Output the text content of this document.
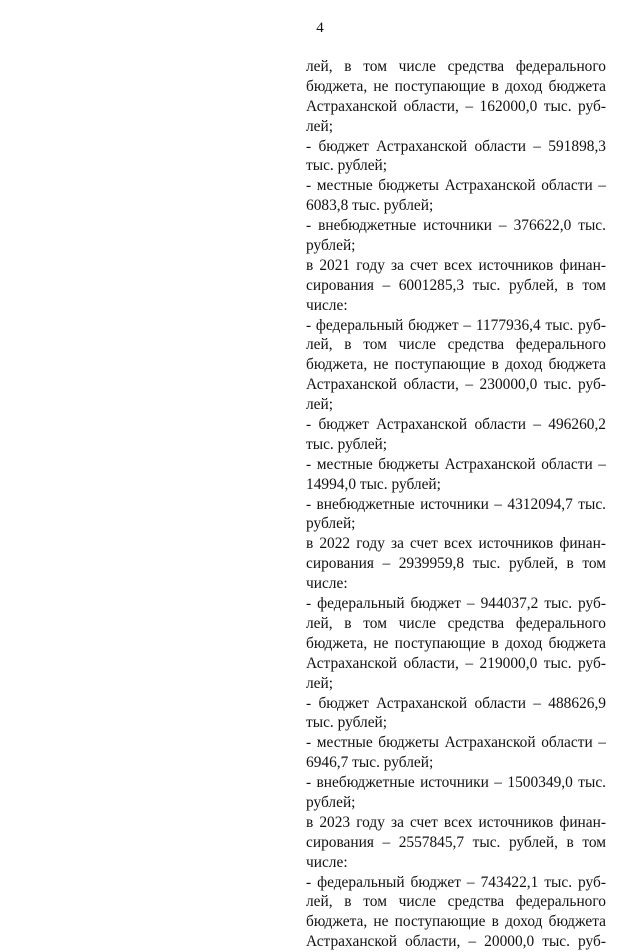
4
лей, в том числе средства федерального
бюджета, не поступающие в доход бюджета
Астраханской области, – 162000,0 тыс. руб-
лей;
- бюджет Астраханской области – 591898,3
тыс. рублей;
- местные бюджеты Астраханской области –
6083,8 тыс. рублей;
- внебюджетные источники – 376622,0 тыс.
рублей;
в 2021 году за счет всех источников финан-
сирования – 6001285,3 тыс. рублей, в том
числе:
- федеральный бюджет – 1177936,4 тыс. руб-
лей, в том числе средства федерального
бюджета, не поступающие в доход бюджета
Астраханской области, – 230000,0 тыс. руб-
лей;
- бюджет Астраханской области – 496260,2
тыс. рублей;
- местные бюджеты Астраханской области –
14994,0 тыс. рублей;
- внебюджетные источники – 4312094,7 тыс.
рублей;
в 2022 году за счет всех источников финан-
сирования – 2939959,8 тыс. рублей, в том
числе:
- федеральный бюджет – 944037,2 тыс. руб-
лей, в том числе средства федерального
бюджета, не поступающие в доход бюджета
Астраханской области, – 219000,0 тыс. руб-
лей;
- бюджет Астраханской области – 488626,9
тыс. рублей;
- местные бюджеты Астраханской области –
6946,7 тыс. рублей;
- внебюджетные источники – 1500349,0 тыс.
рублей;
в 2023 году за счет всех источников финан-
сирования – 2557845,7 тыс. рублей, в том
числе:
- федеральный бюджет – 743422,1 тыс. руб-
лей, в том числе средства федерального
бюджета, не поступающие в доход бюджета
Астраханской области, – 20000,0 тыс. руб-
